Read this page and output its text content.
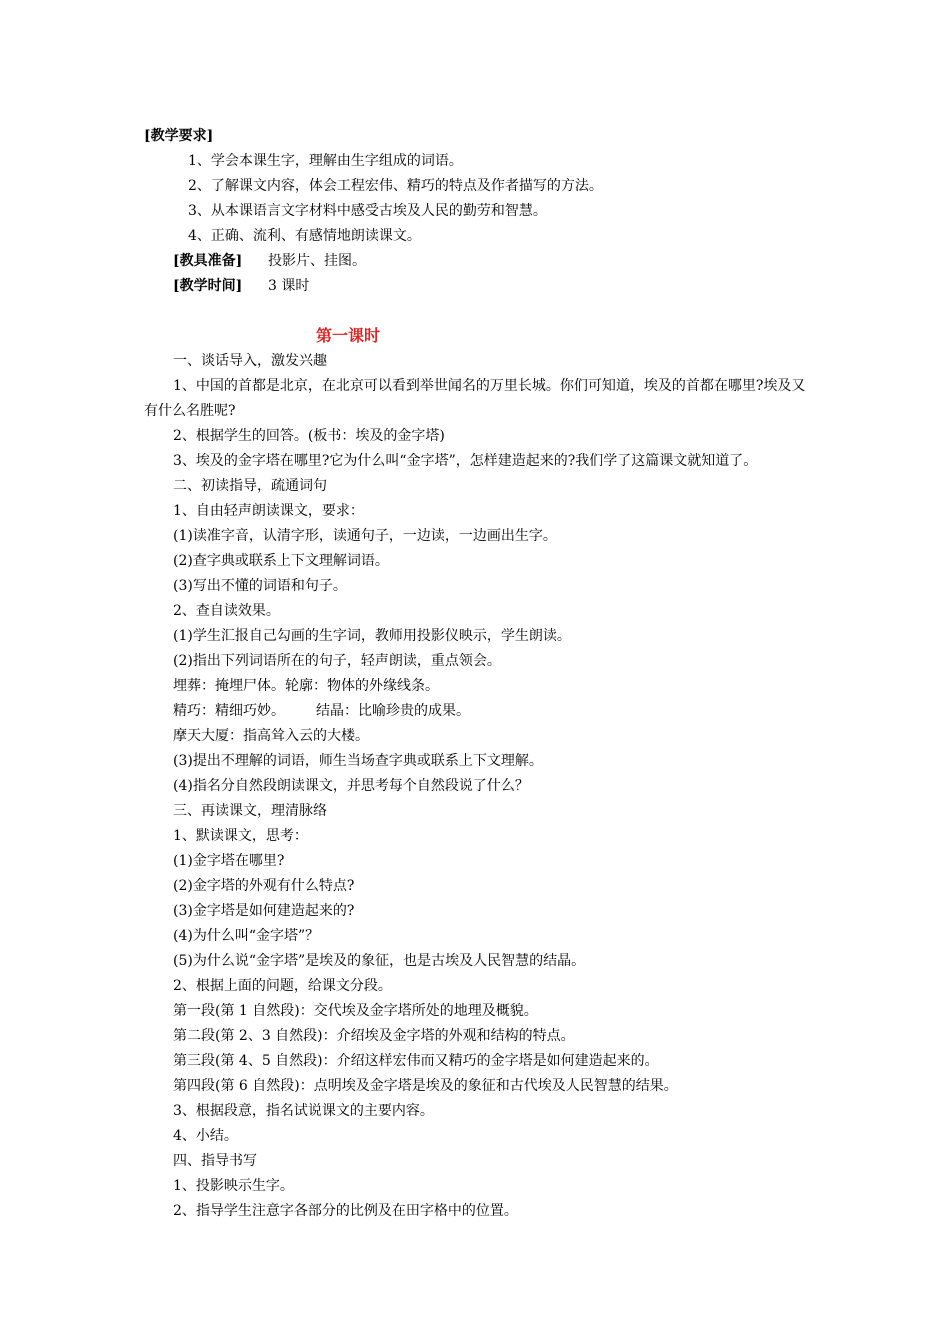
[教学要求]
1、学会本课生字，理解由生字组成的词语。
2、了解课文内容，体会工程宏伟、精巧的特点及作者描写的方法。
3、从本课语言文字材料中感受古埃及人民的勤劳和智慧。
4、正确、流利、有感情地朗读课文。
[教具准备] 投影片、挂图。
[教学时间] 3 课时
第一课时
一、谈话导入，激发兴趣
1、中国的首都是北京，在北京可以看到举世闻名的万里长城。你们可知道，埃及的首都在哪里?埃及又
有什么名胜呢?
2、根据学生的回答。(板书：埃及的金字塔)
3、埃及的金字塔在哪里?它为什么叫“金字塔”，怎样建造起来的?我们学了这篇课文就知道了。
二、初读指导，疏通词句
1、自由轻声朗读课文，要求：
(1)读准字音，认清字形，读通句子，一边读，一边画出生字。
(2)查字典或联系上下文理解词语。
(3)写出不懂的词语和句子。
2、查自读效果。
(1)学生汇报自己勾画的生字词，教师用投影仪映示，学生朗读。
(2)指出下列词语所在的句子，轻声朗读，重点领会。
埋葬：掩埋尸体。轮廓：物体的外缘线条。
精巧：精细巧妙。 结晶：比喻珍贵的成果。
摩天大厦：指高耸入云的大楼。
(3)提出不理解的词语，师生当场查字典或联系上下文理解。
(4)指名分自然段朗读课文，并思考每个自然段说了什么？
三、再读课文，理清脉络
1、默读课文，思考：
(1)金字塔在哪里?
(2)金字塔的外观有什么特点?
(3)金字塔是如何建造起来的?
(4)为什么叫“金字塔”？
(5)为什么说“金字塔”是埃及的象征，也是古埃及人民智慧的结晶。
2、根据上面的问题，给课文分段。
第一段(第 1 自然段)：交代埃及金字塔所处的地理及概貌。
第二段(第 2、3 自然段)：介绍埃及金字塔的外观和结构的特点。
第三段(第 4、5 自然段)：介绍这样宏伟而又精巧的金字塔是如何建造起来的。
第四段(第 6 自然段)：点明埃及金字塔是埃及的象征和古代埃及人民智慧的结果。
3、根据段意，指名试说课文的主要内容。
4、小结。
四、指导书写
1、投影映示生字。
2、指导学生注意字各部分的比例及在田字格中的位置。
